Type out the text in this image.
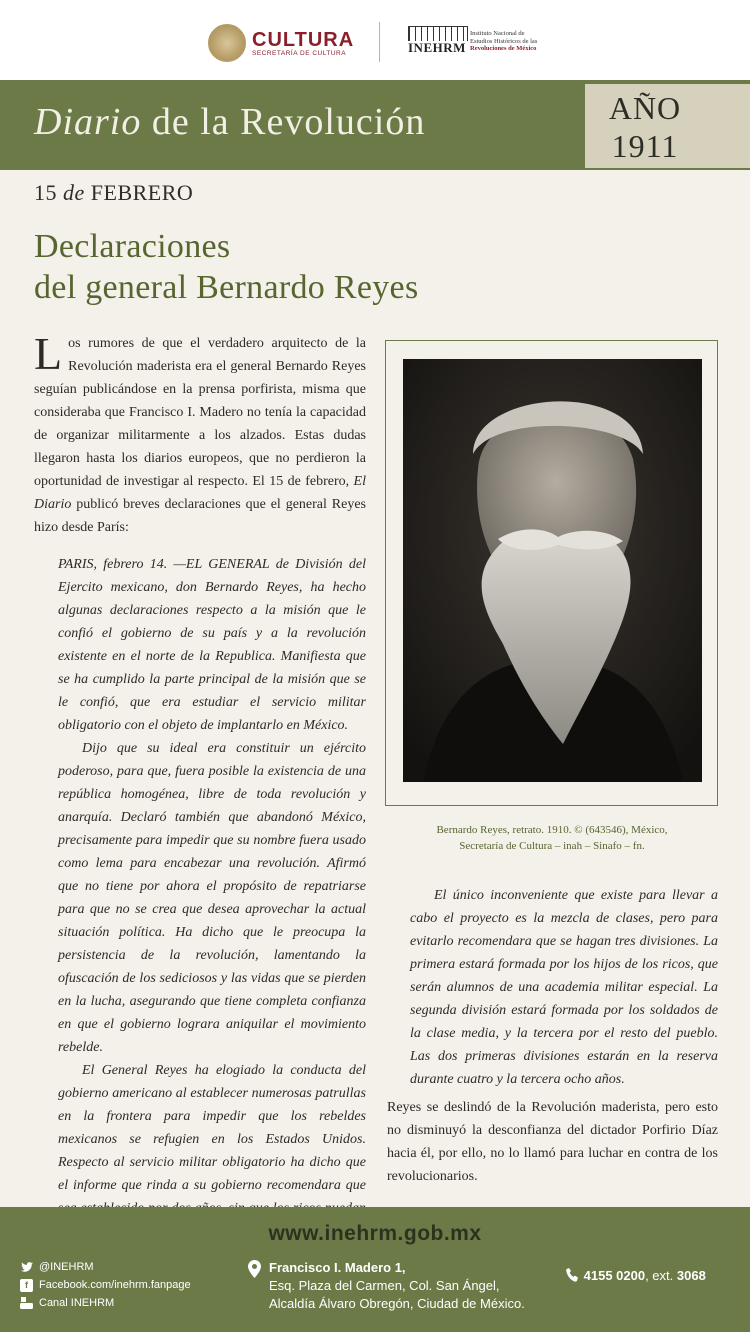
CULTURA
SECRETARÍA DE CULTURA	INEHRM
Instituto Nacional de
Estudios Históricos de las
Revoluciones de México
Diario de la Revolución	AÑO
1911
15 de FEBRERO
Declaraciones
del general Bernardo Reyes

Los rumores de que el verdadero arquitecto de la Revolución maderista era el general Bernardo Reyes seguían publicándose en la prensa porfirista, misma que consideraba que Francisco I. Madero no tenía la capacidad de organizar militarmente a los alzados. Estas dudas llegaron hasta los diarios europeos, que no perdieron la oportunidad de investigar al respecto. El 15 de febrero, El Diario publicó breves declaraciones que el general Reyes hizo desde París:

PARIS, febrero 14. —EL GENERAL de División del Ejercito mexicano, don Bernardo Reyes, ha hecho algunas declaraciones respecto a la misión que le confió el gobierno de su país y a la revolución existente en el norte de la Republica. Manifiesta que se ha cumplido la parte principal de la misión que se le confió, que era estudiar el servicio militar obligatorio con el objeto de implantarlo en México.

Dijo que su ideal era constituir un ejército poderoso, para que, fuera posible la existencia de una república homogénea, libre de toda revolución y anarquía. Declaró también que abandonó México, precisamente para impedir que su nombre fuera usado como lema para encabezar una revolución. Afirmó que no tiene por ahora el propósito de repatriarse para que no se crea que desea aprovechar la actual situación política. Ha dicho que le preocupa la persistencia de la revolución, lamentando la ofuscación de los sediciosos y las vidas que se pierden en la lucha, asegurando que tiene completa confianza en que el gobierno lograra aniquilar el movimiento rebelde.

El General Reyes ha elogiado la conducta del gobierno americano al establecer numerosas patrullas en la frontera para impedir que los rebeldes mexicanos se refugien en los Estados Unidos. Respecto al servicio militar obligatorio ha dicho que el informe que rinda a su gobierno recomendara que

Bernardo Reyes, retrato. 1910. © (643546), México,
Secretaría de Cultura – inah – Sinafo – fn.

El único inconveniente que existe para llevar a cabo el proyecto es la mezcla de clases, pero para evitarlo recomendara que se hagan tres divisiones. La primera estará formada por los hijos de los ricos, que serán alumnos de una academia militar especial. La segunda división estará formada por los soldados de la clase media, y la tercera por el resto del pueblo. Las dos primeras divisiones estarán en la reserva durante cuatro y la tercera ocho años.

Reyes se deslindó de la Revolución maderista, pero esto no disminuyó la desconfianza del dictador Porfirio Díaz hacia él, por ello, no lo llamó para luchar en contra de los revolucionarios.

www.inehrm.gob.mx
@INEHRM
f	Facebook.com/inehrm.fanpage
Canal INEHRM
Francisco I. Madero 1,
Esq. Plaza del Carmen, Col. San Ángel,
Alcaldía Álvaro Obregón, Ciudad de México.
4155 0200, ext. 3068
